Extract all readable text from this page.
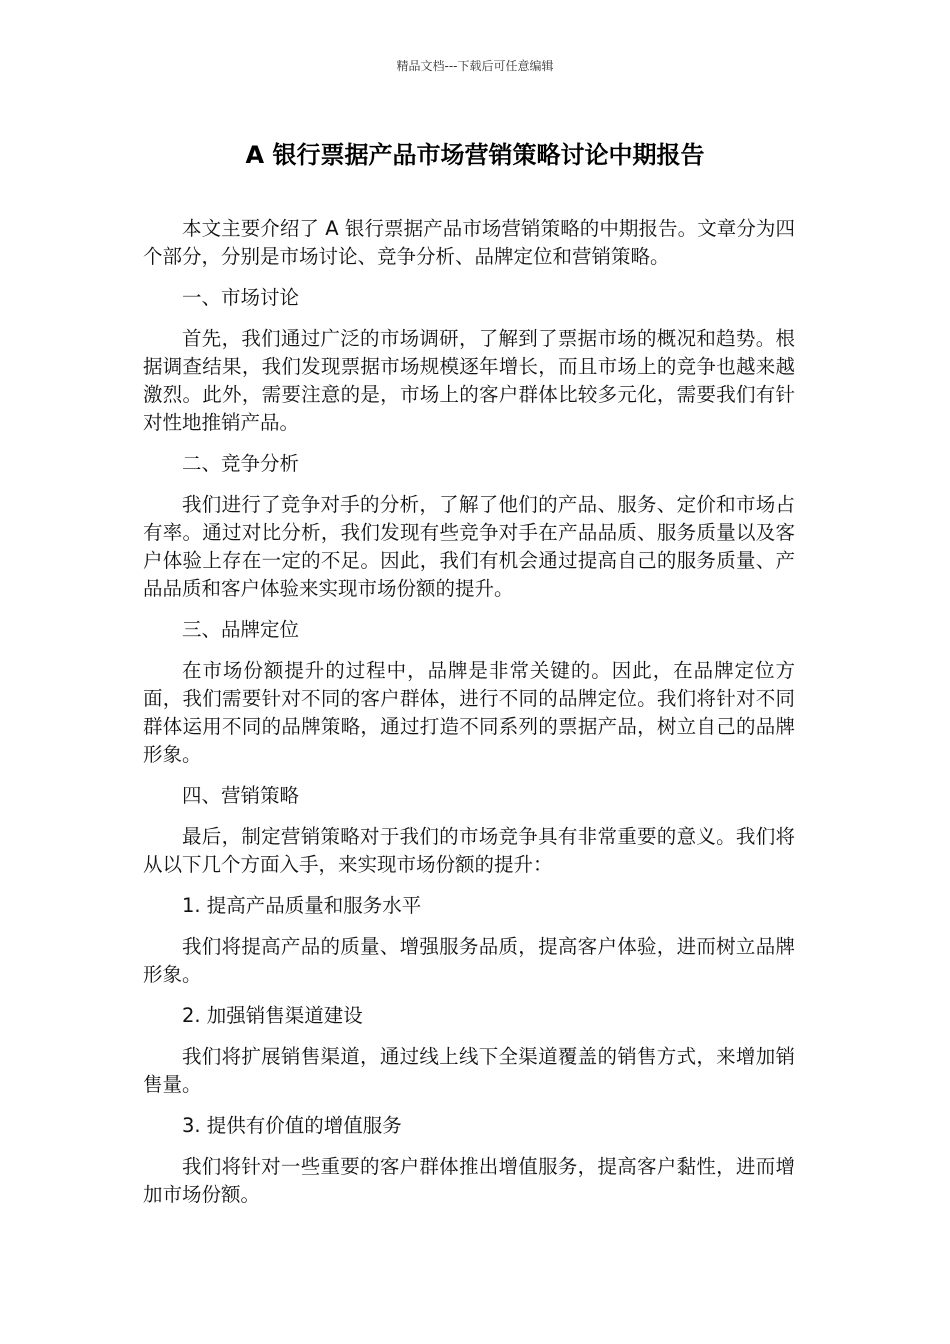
精品文档---下载后可任意编辑
A 银行票据产品市场营销策略讨论中期报告

本文主要介绍了 A 银行票据产品市场营销策略的中期报告。文章分为四个部分，分别是市场讨论、竞争分析、品牌定位和营销策略。

一、市场讨论

首先，我们通过广泛的市场调研，了解到了票据市场的概况和趋势。根据调查结果，我们发现票据市场规模逐年增长，而且市场上的竞争也越来越激烈。此外，需要注意的是，市场上的客户群体比较多元化，需要我们有针对性地推销产品。

二、竞争分析

我们进行了竞争对手的分析，了解了他们的产品、服务、定价和市场占有率。通过对比分析，我们发现有些竞争对手在产品品质、服务质量以及客户体验上存在一定的不足。因此，我们有机会通过提高自己的服务质量、产品品质和客户体验来实现市场份额的提升。

三、品牌定位

在市场份额提升的过程中，品牌是非常关键的。因此，在品牌定位方面，我们需要针对不同的客户群体，进行不同的品牌定位。我们将针对不同群体运用不同的品牌策略，通过打造不同系列的票据产品，树立自己的品牌形象。

四、营销策略

最后，制定营销策略对于我们的市场竞争具有非常重要的意义。我们将从以下几个方面入手，来实现市场份额的提升：

1. 提高产品质量和服务水平

我们将提高产品的质量、增强服务品质，提高客户体验，进而树立品牌形象。

2. 加强销售渠道建设

我们将扩展销售渠道，通过线上线下全渠道覆盖的销售方式，来增加销售量。

3. 提供有价值的增值服务

我们将针对一些重要的客户群体推出增值服务，提高客户黏性，进而增加市场份额。
